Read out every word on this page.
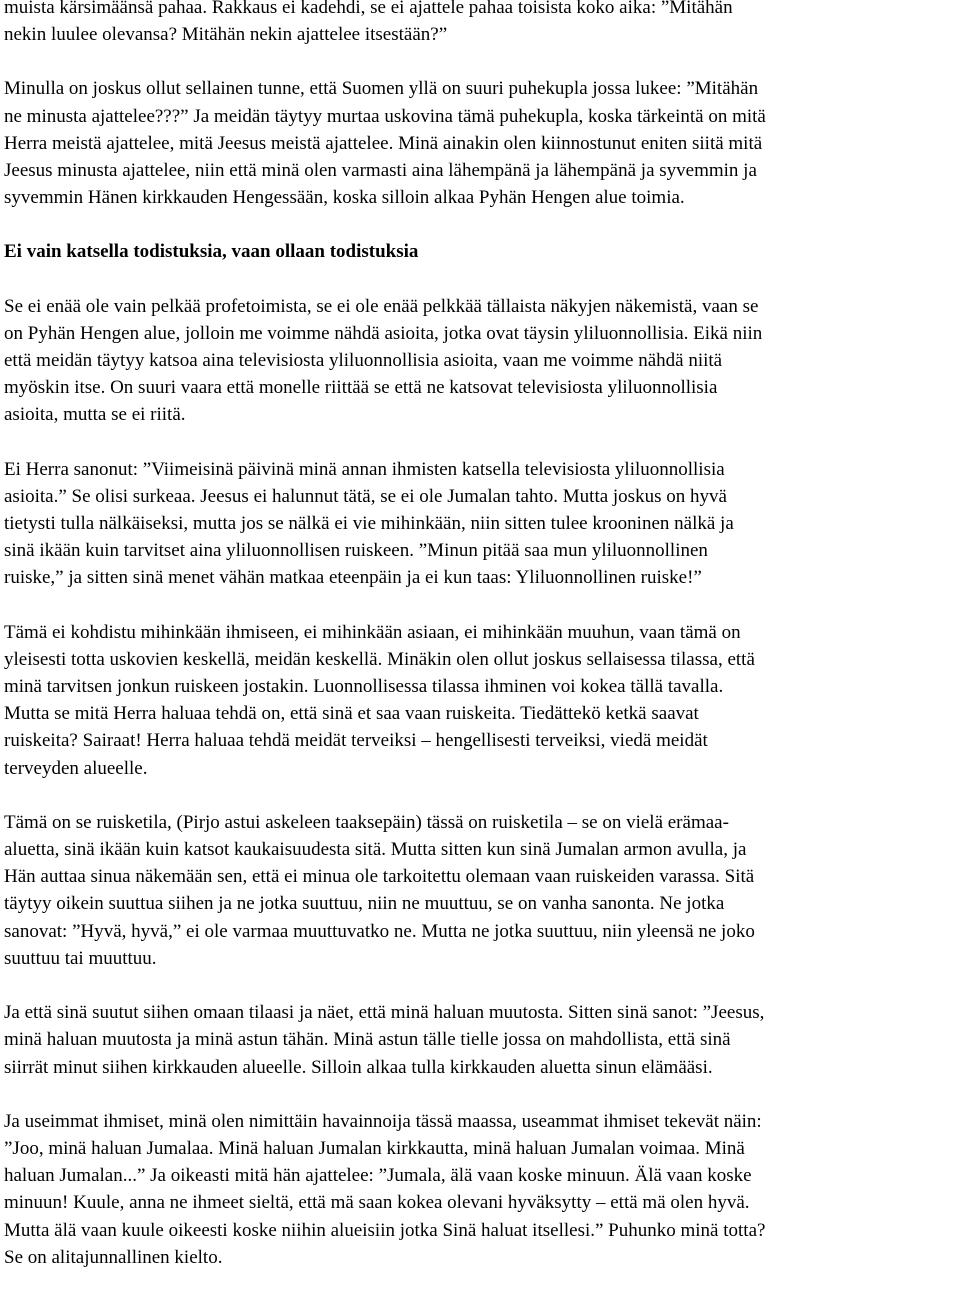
muista kärsimäänsä pahaa. Rakkaus ei kadehdi, se ei ajattele pahaa toisista koko aika: ”Mitähän
nekin luulee olevansa? Mitähän nekin ajattelee itsestään?”

Minulla on joskus ollut sellainen tunne, että Suomen yllä on suuri puhekupla jossa lukee: ”Mitähän
ne minusta ajattelee???” Ja meidän täytyy murtaa uskovina tämä puhekupla, koska tärkeintä on mitä
Herra meistä ajattelee, mitä Jeesus meistä ajattelee. Minä ainakin olen kiinnostunut eniten siitä mitä
Jeesus minusta ajattelee, niin että minä olen varmasti aina lähempänä ja lähempänä ja syvemmin ja
syvemmin Hänen kirkkauden Hengessään, koska silloin alkaa Pyhän Hengen alue toimia.

Ei vain katsella todistuksia, vaan ollaan todistuksia

Se ei enää ole vain pelkää profetoimista, se ei ole enää pelkkää tällaista näkyjen näkemistä, vaan se
on Pyhän Hengen alue, jolloin me voimme nähdä asioita, jotka ovat täysin yliluonnollisia. Eikä niin
että meidän täytyy katsoa aina televisiosta yliluonnollisia asioita, vaan me voimme nähdä niitä
myöskin itse. On suuri vaara että monelle riittää se että ne katsovat televisiosta yliluonnollisia
asioita, mutta se ei riitä.

Ei Herra sanonut: ”Viimeisinä päivinä minä annan ihmisten katsella televisiosta yliluonnollisia
asioita.” Se olisi surkeaa. Jeesus ei halunnut tätä, se ei ole Jumalan tahto. Mutta joskus on hyvä
tietysti tulla nälkäiseksi, mutta jos se nälkä ei vie mihinkään, niin sitten tulee krooninen nälkä ja
sinä ikään kuin tarvitset aina yliluonnollisen ruiskeen. ”Minun pitää saa mun yliluonnollinen
ruiske,” ja sitten sinä menet vähän matkaa eteenpäin ja ei kun taas: Yliluonnollinen ruiske!”

Tämä ei kohdistu mihinkään ihmiseen, ei mihinkään asiaan, ei mihinkään muuhun, vaan tämä on
yleisesti totta uskovien keskellä, meidän keskellä. Minäkin olen ollut joskus sellaisessa tilassa, että
minä tarvitsen jonkun ruiskeen jostakin. Luonnollisessa tilassa ihminen voi kokea tällä tavalla.
Mutta se mitä Herra haluaa tehdä on, että sinä et saa vaan ruiskeita. Tiedättekö ketkä saavat
ruiskeita? Sairaat! Herra haluaa tehdä meidät terveiksi – hengellisesti terveiksi, viedä meidät
terveyden alueelle.

Tämä on se ruisketila, (Pirjo astui askeleen taaksepäin) tässä on ruisketila – se on vielä erämaa-
aluetta, sinä ikään kuin katsot kaukaisuudesta sitä. Mutta sitten kun sinä Jumalan armon avulla, ja
Hän auttaa sinua näkemään sen, että ei minua ole tarkoitettu olemaan vaan ruiskeiden varassa. Sitä
täytyy oikein suuttua siihen ja ne jotka suuttuu, niin ne muuttuu, se on vanha sanonta. Ne jotka
sanovat: ”Hyvä, hyvä,” ei ole varmaa muuttuvatko ne. Mutta ne jotka suuttuu, niin yleensä ne joko
suuttuu tai muuttuu.

Ja että sinä suutut siihen omaan tilaasi ja näet, että minä haluan muutosta. Sitten sinä sanot: ”Jeesus,
minä haluan muutosta ja minä astun tähän. Minä astun tälle tielle jossa on mahdollista, että sinä
siirrät minut siihen kirkkauden alueelle. Silloin alkaa tulla kirkkauden aluetta sinun elämääsi.

Ja useimmat ihmiset, minä olen nimittäin havainnoija tässä maassa, useammat ihmiset tekevät näin:
”Joo, minä haluan Jumalaa. Minä haluan Jumalan kirkkautta, minä haluan Jumalan voimaa. Minä
haluan Jumalan...” Ja oikeasti mitä hän ajattelee: ”Jumala, älä vaan koske minuun. Älä vaan koske
minuun! Kuule, anna ne ihmeet sieltä, että mä saan kokea olevani hyväksytty – että mä olen hyvä.
Mutta älä vaan kuule oikeesti koske niihin alueisiin jotka Sinä haluat itsellesi.” Puhunko minä totta?
Se on alitajunnallinen kielto.
